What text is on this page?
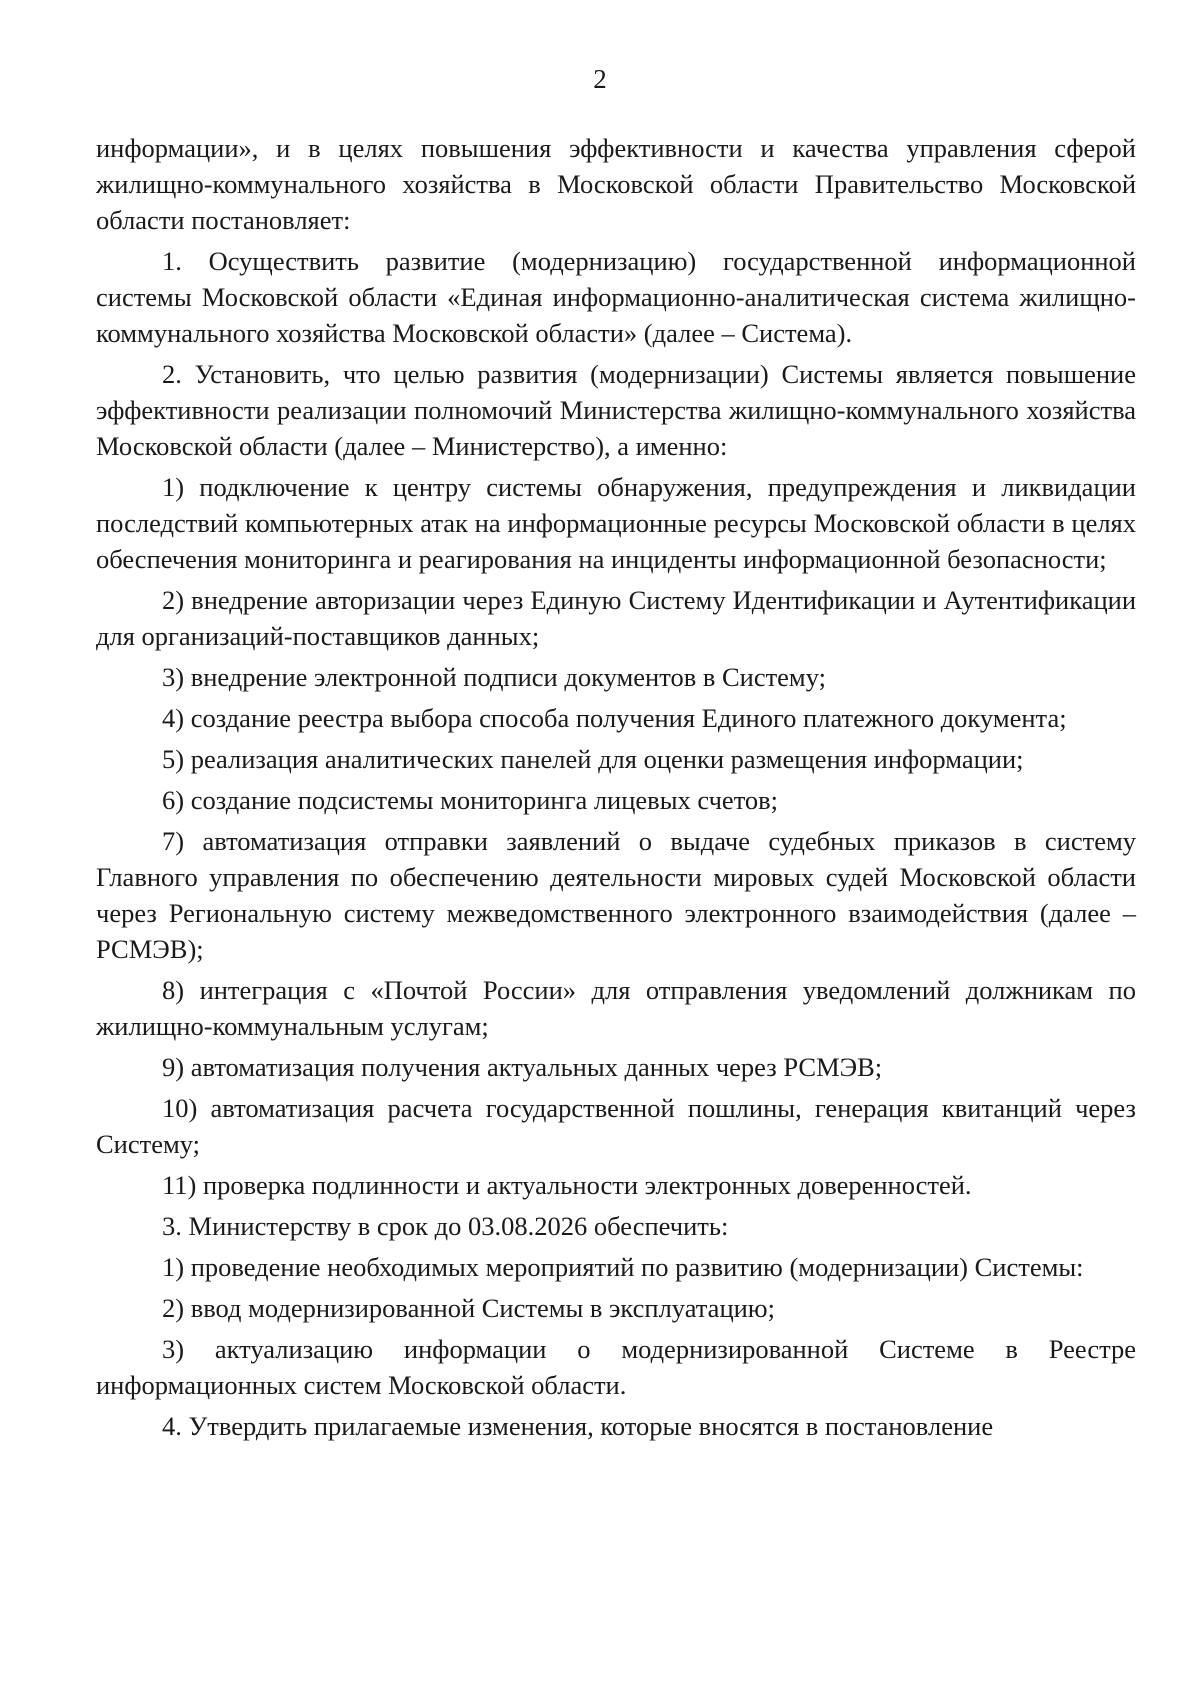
2

информации», и в целях повышения эффективности и качества управления сферой жилищно-коммунального хозяйства в Московской области Правительство Московской области постановляет:

1. Осуществить развитие (модернизацию) государственной информационной системы Московской области «Единая информационно-аналитическая система жилищно-коммунального хозяйства Московской области» (далее – Система).

2. Установить, что целью развития (модернизации) Системы является повышение эффективности реализации полномочий Министерства жилищно-коммунального хозяйства Московской области (далее – Министерство), а именно:

1) подключение к центру системы обнаружения, предупреждения и ликвидации последствий компьютерных атак на информационные ресурсы Московской области в целях обеспечения мониторинга и реагирования на инциденты информационной безопасности;

2) внедрение авторизации через Единую Систему Идентификации и Аутентификации для организаций-поставщиков данных;

3) внедрение электронной подписи документов в Систему;

4) создание реестра выбора способа получения Единого платежного документа;

5) реализация аналитических панелей для оценки размещения информации;

6) создание подсистемы мониторинга лицевых счетов;

7) автоматизация отправки заявлений о выдаче судебных приказов в систему Главного управления по обеспечению деятельности мировых судей Московской области через Региональную систему межведомственного электронного взаимодействия (далее – РСМЭВ);

8) интеграция с «Почтой России» для отправления уведомлений должникам по жилищно-коммунальным услугам;

9) автоматизация получения актуальных данных через РСМЭВ;

10) автоматизация расчета государственной пошлины, генерация квитанций через Систему;

11) проверка подлинности и актуальности электронных доверенностей.

3. Министерству в срок до 03.08.2026 обеспечить:

1) проведение необходимых мероприятий по развитию (модернизации) Системы:

2) ввод модернизированной Системы в эксплуатацию;

3) актуализацию информации о модернизированной Системе в Реестре информационных систем Московской области.

4. Утвердить прилагаемые изменения, которые вносятся в постановление
